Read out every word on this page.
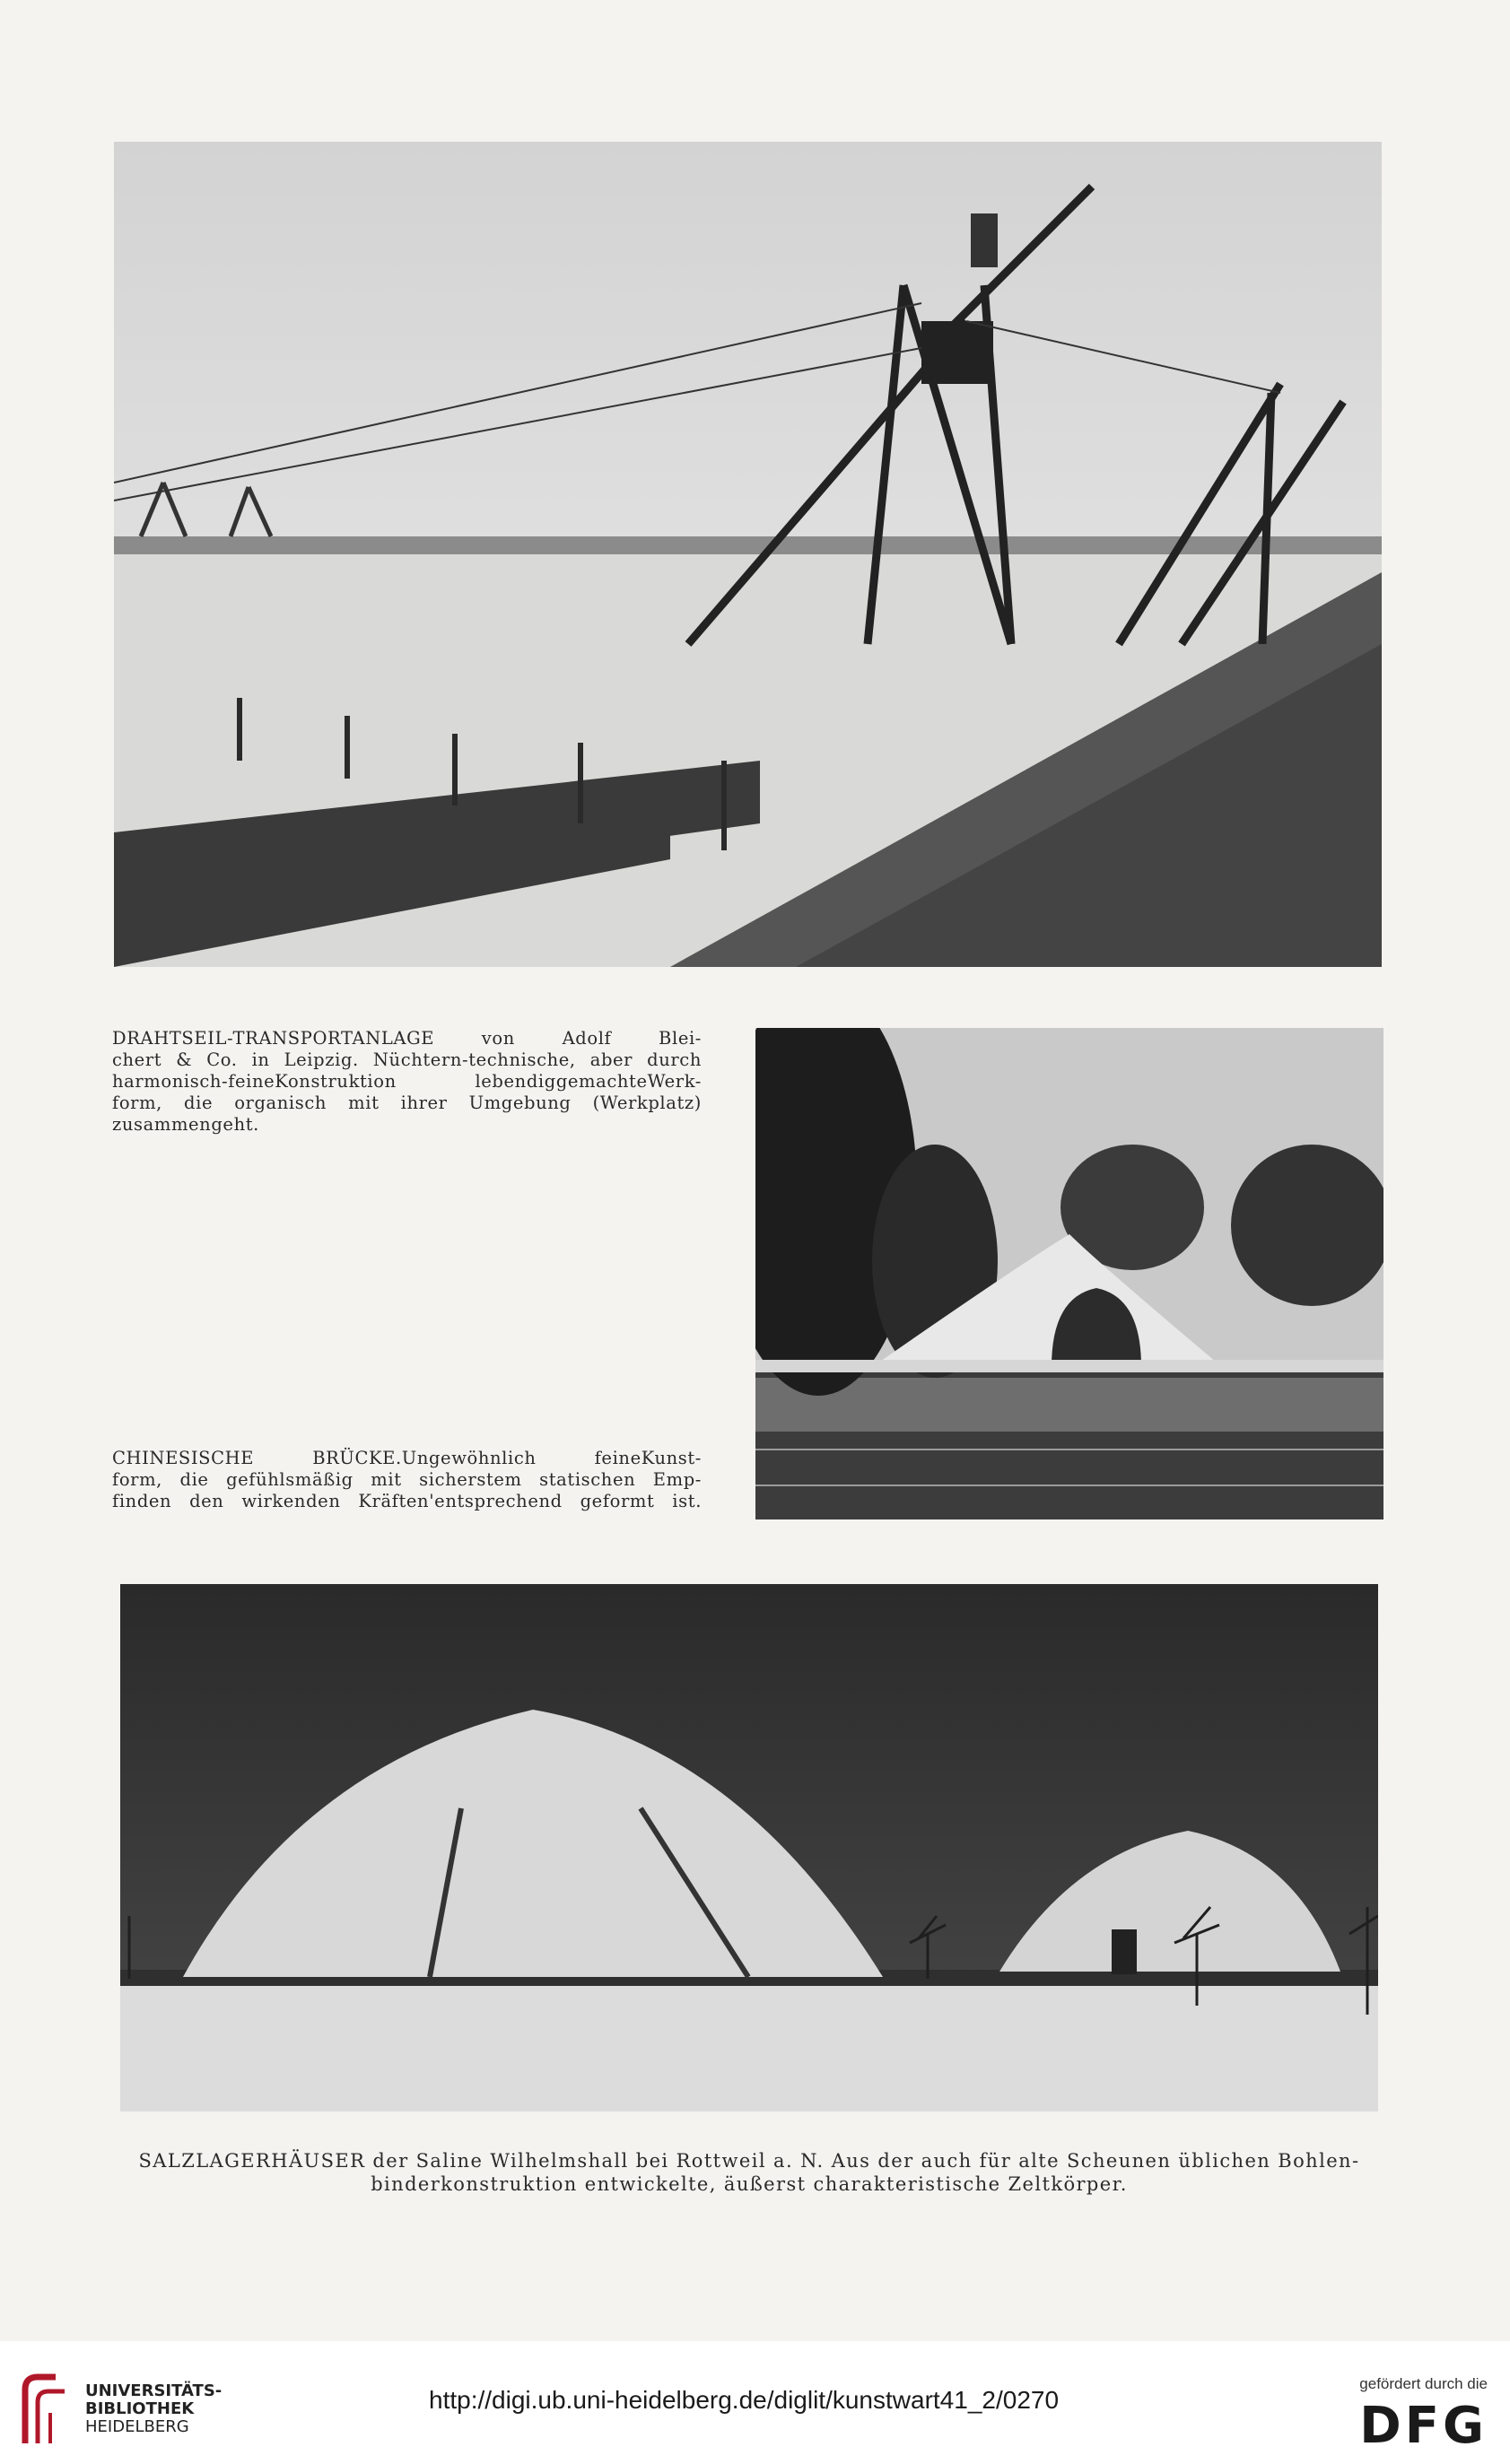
DRAHTSEIL-TRANSPORTANLAGE von Adolf Blei-
chert & Co. in Leipzig. Nüchtern-technische, aber durch
harmonisch-feineKonstruktion lebendiggemachteWerk-
form, die organisch mit ihrer Umgebung (Werkplatz)
zusammengeht.

CHINESISCHE BRÜCKE.Ungewöhnlich feineKunst-
form, die gefühlsmäßig mit sicherstem statischen Emp-
finden den wirkenden Kräften'entsprechend geformt ist.

SALZLAGERHÄUSER der Saline Wilhelmshall bei Rottweil a. N. Aus der auch für alte Scheunen üblichen Bohlen-
binderkonstruktion entwickelte, äußerst charakteristische Zeltkörper.

UNIVERSITÄTS-
BIBLIOTHEK
HEIDELBERG
http://digi.ub.uni-heidelberg.de/diglit/kunstwart41_2/0270
gefördert durch die
DFG
